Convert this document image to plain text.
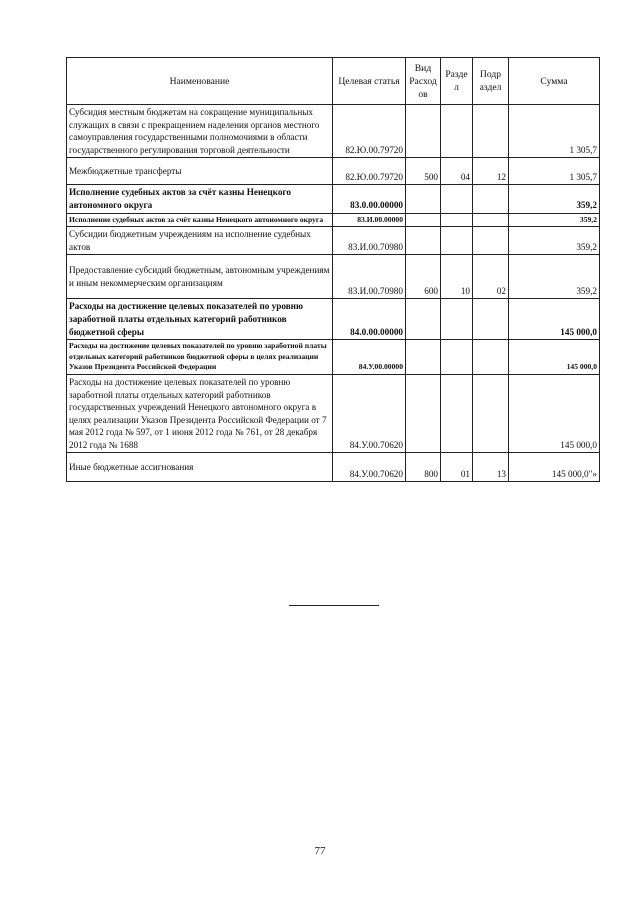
Наименование	Целевая статья	Вид Расход ов	Разде л	Подр аздел	Сумма
Субсидия местным бюджетам на сокращение муниципальных служащих в связи с прекращением наделения органов местного самоуправления государственными полномочиями в области государственного регулирования торговой деятельности	82.Ю.00.79720				1 305,7
Межбюджетные трансферты	82.Ю.00.79720	500	04	12	1 305,7
Исполнение судебных актов за счёт казны Ненецкого автономного округа	83.0.00.00000				359,2
Исполнение судебных актов за счёт казны Ненецкого автономного округа	83.И.00.00000				359,2
Субсидии бюджетным учреждениям на исполнение судебных актов	83.И.00.70980				359,2
Предоставление субсидий бюджетным, автономным учреждениям и иным некоммерческим организациям	83.И.00.70980	600	10	02	359,2
Расходы на достижение целевых показателей по уровню заработной платы отдельных категорий работников бюджетной сферы	84.0.00.00000				145 000,0
Расходы на достижение целевых показателей по уровню заработной платы отдельных категорий работников бюджетной сферы в целях реализации Указов Президента Российской Федерации	84.У.00.00000				145 000,0
Расходы на достижение целевых показателей по уровню заработной платы отдельных категорий работников государственных учреждений Ненецкого автономного округа в целях реализации Указов Президента Российской Федерации от 7 мая 2012 года № 597, от 1 июня 2012 года № 761, от 28 декабря 2012 года № 1688	84.У.00.70620				145 000,0
Иные бюджетные ассигнования	84.У.00.70620	800	01	13	145 000,0"»
77
